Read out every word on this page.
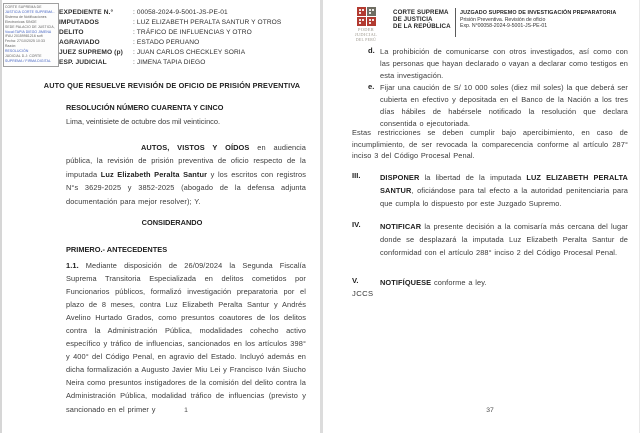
CORTE SUPREMA DE
JUSTICIA CORTE SUPREMA -
Sistema de Notificaciones
Electronicas SINOE
SEDE PALACIO DE JUSTICIA,
Vocal:TAPIA DIEGO JIMENA
/FAU 20159981216 soft
Fecha: 27/10/2025 10:33 Razón:
RESOLUCIÓN
JUDICIAL D.J: CORTE
SUPREMA / FIRMA DIGITAL
EXPEDIENTE N.°	: 00058-2024-9-5001-JS-PE-01
IMPUTADOS	: LUZ ELIZABETH PERALTA SANTUR Y OTROS
DELITO	: TRÁFICO DE INFLUENCIAS Y OTRO
AGRAVIADO	: ESTADO PERUANO
JUEZ SUPREMO (p)	: JUAN CARLOS CHECKLEY SORIA
ESP. JUDICIAL	: JIMENA TAPIA DIEGO
AUTO QUE RESUELVE REVISIÓN DE OFICIO DE PRISIÓN PREVENTIVA
RESOLUCIÓN NÚMERO CUARENTA Y CINCO
Lima, veintisiete de octubre dos mil veinticinco.
AUTOS, VISTOS Y OÍDOS en audiencia pública, la revisión de prisión preventiva de oficio respecto de la imputada Luz Elizabeth Peralta Santur y los escritos con registros N°s 3629-2025 y 3852-2025 (abogado de la defensa adjunta documentación para mejor resolver); Y.
CONSIDERANDO
PRIMERO.- ANTECEDENTES
1.1. Mediante disposición de 26/09/2024 la Segunda Fiscalía Suprema Transitoria Especializada en delitos cometidos por Funcionarios públicos, formalizó investigación preparatoria por el plazo de 8 meses, contra Luz Elizabeth Peralta Santur y Andrés Avelino Hurtado Grados, como presuntos coautores de los delitos contra la Administración Pública, modalidades cohecho activo específico y tráfico de influencias, sancionados en los artículos 398° y 400° del Código Penal, en agravio del Estado. Incluyó además en dicha formalización a Augusto Javier Miu Lei y Francisco Iván Siucho Neira como presuntos instigadores de la comisión del delito contra la Administración Pública, modalidad tráfico de influencias (previsto y sancionado en el primer y	1
PODER JUDICIAL
DEL PERÚ
CORTE SUPREMA
DE JUSTICIA
DE LA REPÚBLICA
JUZGADO SUPREMO DE INVESTIGACIÓN PREPARATORIA
Prisión Preventiva. Revisión de oficio
Exp. N°00058-2024-9-5001-JS-PE-01
d. La prohibición de comunicarse con otros investigados, así como con las personas que hayan declarado o vayan a declarar como testigos en esta investigación.
e. Fijar una caución de S/ 10 000 soles (diez mil soles) la que deberá ser cubierta en efectivo y depositada en el Banco de la Nación a los tres días hábiles de habérsele notificado la resolución que declara consentida o ejecutoriada.
Estas restricciones se deben cumplir bajo apercibimiento, en caso de incumplimiento, de ser revocada la comparecencia conforme al artículo 287° inciso 3 del Código Procesal Penal.
III.	DISPONER la libertad de la imputada LUZ ELIZABETH PERALTA SANTUR, oficiándose para tal efecto a la autoridad penitenciaria para que cumpla lo dispuesto por este Juzgado Supremo.
IV.	NOTIFICAR la presente decisión a la comisaría más cercana del lugar donde se desplazará la imputada Luz Elizabeth Peralta Santur de conformidad con el artículo 288° inciso 2 del Código Procesal Penal.
V.	NOTIFÍQUESE conforme a ley.
JCCS
37
